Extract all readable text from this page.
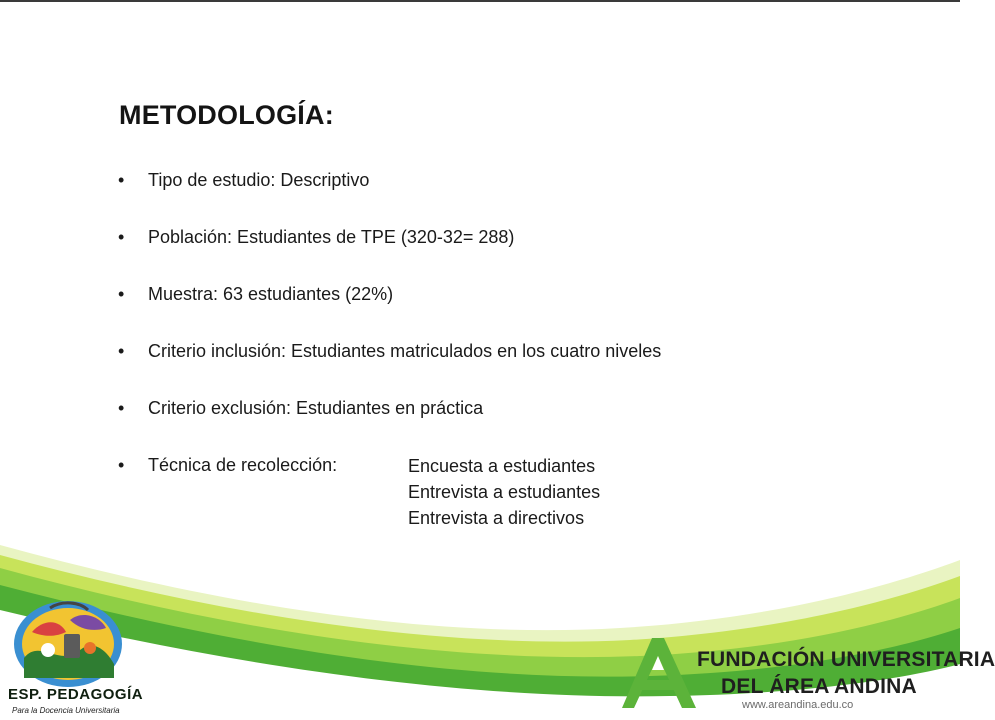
METODOLOGÍA:
• Tipo de estudio: Descriptivo
• Población: Estudiantes de TPE (320-32= 288)
• Muestra: 63 estudiantes (22%)
• Criterio inclusión: Estudiantes matriculados en los cuatro niveles
• Criterio exclusión: Estudiantes en práctica
• Técnica de recolección:	Encuesta a estudiantes
Entrevista a estudiantes
Entrevista a directivos
ESP. PEDAGOGÍA
Para la Docencia Universitaria
FUNDACIÓN UNIVERSITARIA
DEL ÁREA ANDINA
www.areandina.edu.co
